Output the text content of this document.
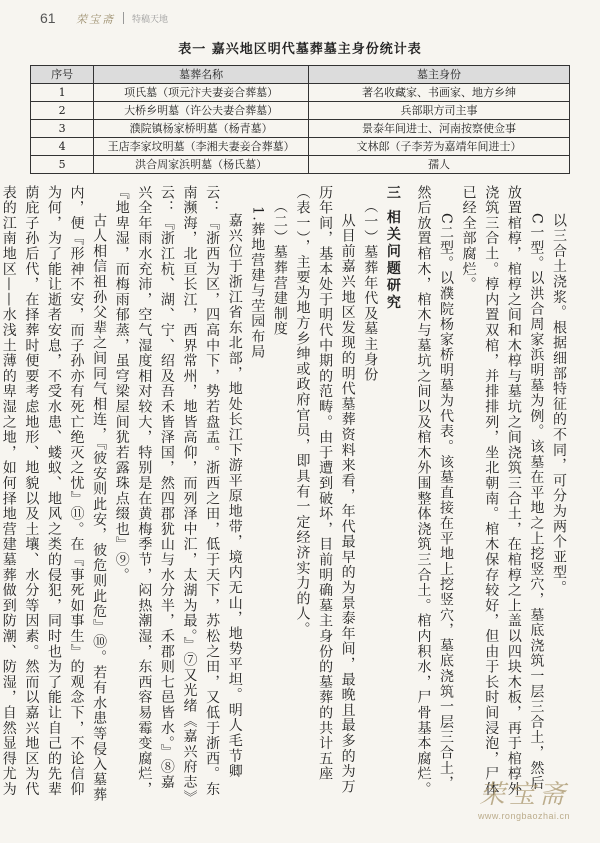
61 荣宝斋 特稿天地
表一 嘉兴地区明代墓葬墓主身份统计表
序号	墓葬名称	墓主身份
1	项氏墓（项元汴夫妻妾合葬墓）	著名收藏家、书画家、地方乡绅
2	大桥乡明墓（许公夫妻合葬墓）	兵部职方司主事
3	濮院镇杨家桥明墓（杨青墓）	景泰年间进士、河南按察使佥事
4	王店李家坟明墓（李湘夫妻妾合葬墓）	文林郎（子李芳为嘉靖年间进士）
5	洪合周家浜明墓（杨氏墓）	孺人

以三合土浇浆。根据细部特征的不同，可分为两个亚型。

C一型。以洪合周家浜明墓为例。该墓在平地之上挖竖穴，墓底浇筑一层三合土，然后放置棺椁，棺椁之间和木椁与墓坑之间浇筑三合土，在棺椁之上盖以四块木板，再于棺椁外浇筑三合土。椁内置双棺，并排排列，坐北朝南。棺木保存较好，但由于长时间浸泡，尸体已经全部腐烂。

C二型。以濮院杨家桥明墓为代表。该墓直接在平地上挖竖穴，墓底浇筑一层三合土，然后放置棺木，棺木与墓坑之间以及棺木外围整体浇筑三合土。棺内积水，尸骨基本腐烂。

三 相关问题研究
（一）墓葬年代及墓主身份

从目前嘉兴地区发现的明代墓葬资料来看，年代最早的为景泰年间，最晚且最多的为万历年间，基本处于明代中期的范畴。由于遭到破坏，目前明确墓主身份的墓葬的共计五座（表一），主要为地方乡绅或政府官员，即具有一定经济实力的人。

（二）墓葬营建制度
1.葬地营建与茔园布局

嘉兴位于浙江省东北部，地处长江下游平原地带，境内无山，地势平坦。明人毛节卿云：『浙西为区，四高中下，势若盘盂。浙西之田，低于天下，苏松之田，又低于浙西。东南濒海，北亘长江，西界常州，地皆高仰，而列泽中汇，太湖为最。』⑦又光绪《嘉兴府志》云：『浙江杭、湖、宁、绍及吾禾皆泽国，然四郡犹山与水分半，禾郡则七邑皆水。』⑧嘉兴全年雨水充沛，空气湿度相对较大，特别是在黄梅季节，闷热潮湿，东西容易霉变腐烂，『地卑湿，而梅雨郁蒸，虽穹梁屋间犹若露珠点缀也』⑨。

古人相信祖孙父辈之间同气相连，『彼安则此安，彼危则此危』⑩。若有水患等侵入墓葬内，便『形神不安，而子孙亦有死亡绝灭之忧』⑪。在『事死如事生』的观念下，不论信仰为何，为了能让逝者安息，不受水患、蝼蚁、地风之类的侵犯，同时也为了能让自己的先辈荫庇子孙后代，在择葬时便要考虑地形、地貌以及土壤、水分等因素。然而以嘉兴地区为代表的江南地区——水浅土薄的卑湿之地，如何择地营建墓葬做到防潮、防湿，自然显得尤为	荣宝斋
www.rongbaozhai.cn
